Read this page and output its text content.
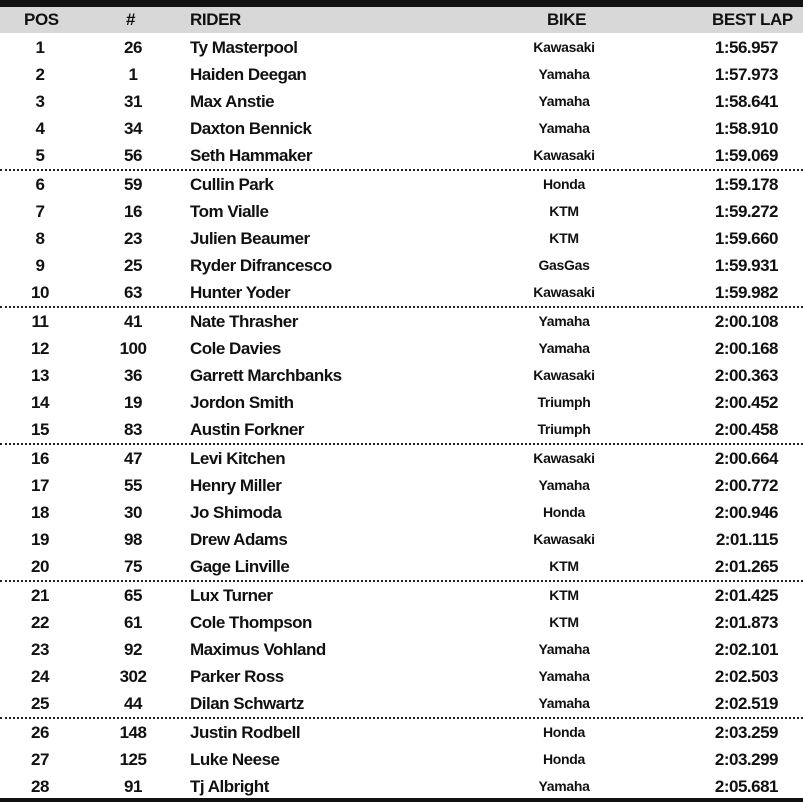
POS	#	RIDER	BIKE	BEST LAP
1	26	Ty Masterpool	Kawasaki	1:56.957
2	1	Haiden Deegan	Yamaha	1:57.973
3	31	Max Anstie	Yamaha	1:58.641
4	34	Daxton Bennick	Yamaha	1:58.910
5	56	Seth Hammaker	Kawasaki	1:59.069
6	59	Cullin Park	Honda	1:59.178
7	16	Tom Vialle	KTM	1:59.272
8	23	Julien Beaumer	KTM	1:59.660
9	25	Ryder Difrancesco	GasGas	1:59.931
10	63	Hunter Yoder	Kawasaki	1:59.982
11	41	Nate Thrasher	Yamaha	2:00.108
12	100	Cole Davies	Yamaha	2:00.168
13	36	Garrett Marchbanks	Kawasaki	2:00.363
14	19	Jordon Smith	Triumph	2:00.452
15	83	Austin Forkner	Triumph	2:00.458
16	47	Levi Kitchen	Kawasaki	2:00.664
17	55	Henry Miller	Yamaha	2:00.772
18	30	Jo Shimoda	Honda	2:00.946
19	98	Drew Adams	Kawasaki	2:01.115
20	75	Gage Linville	KTM	2:01.265
21	65	Lux Turner	KTM	2:01.425
22	61	Cole Thompson	KTM	2:01.873
23	92	Maximus Vohland	Yamaha	2:02.101
24	302	Parker Ross	Yamaha	2:02.503
25	44	Dilan Schwartz	Yamaha	2:02.519
26	148	Justin Rodbell	Honda	2:03.259
27	125	Luke Neese	Honda	2:03.299
28	91	Tj Albright	Yamaha	2:05.681
